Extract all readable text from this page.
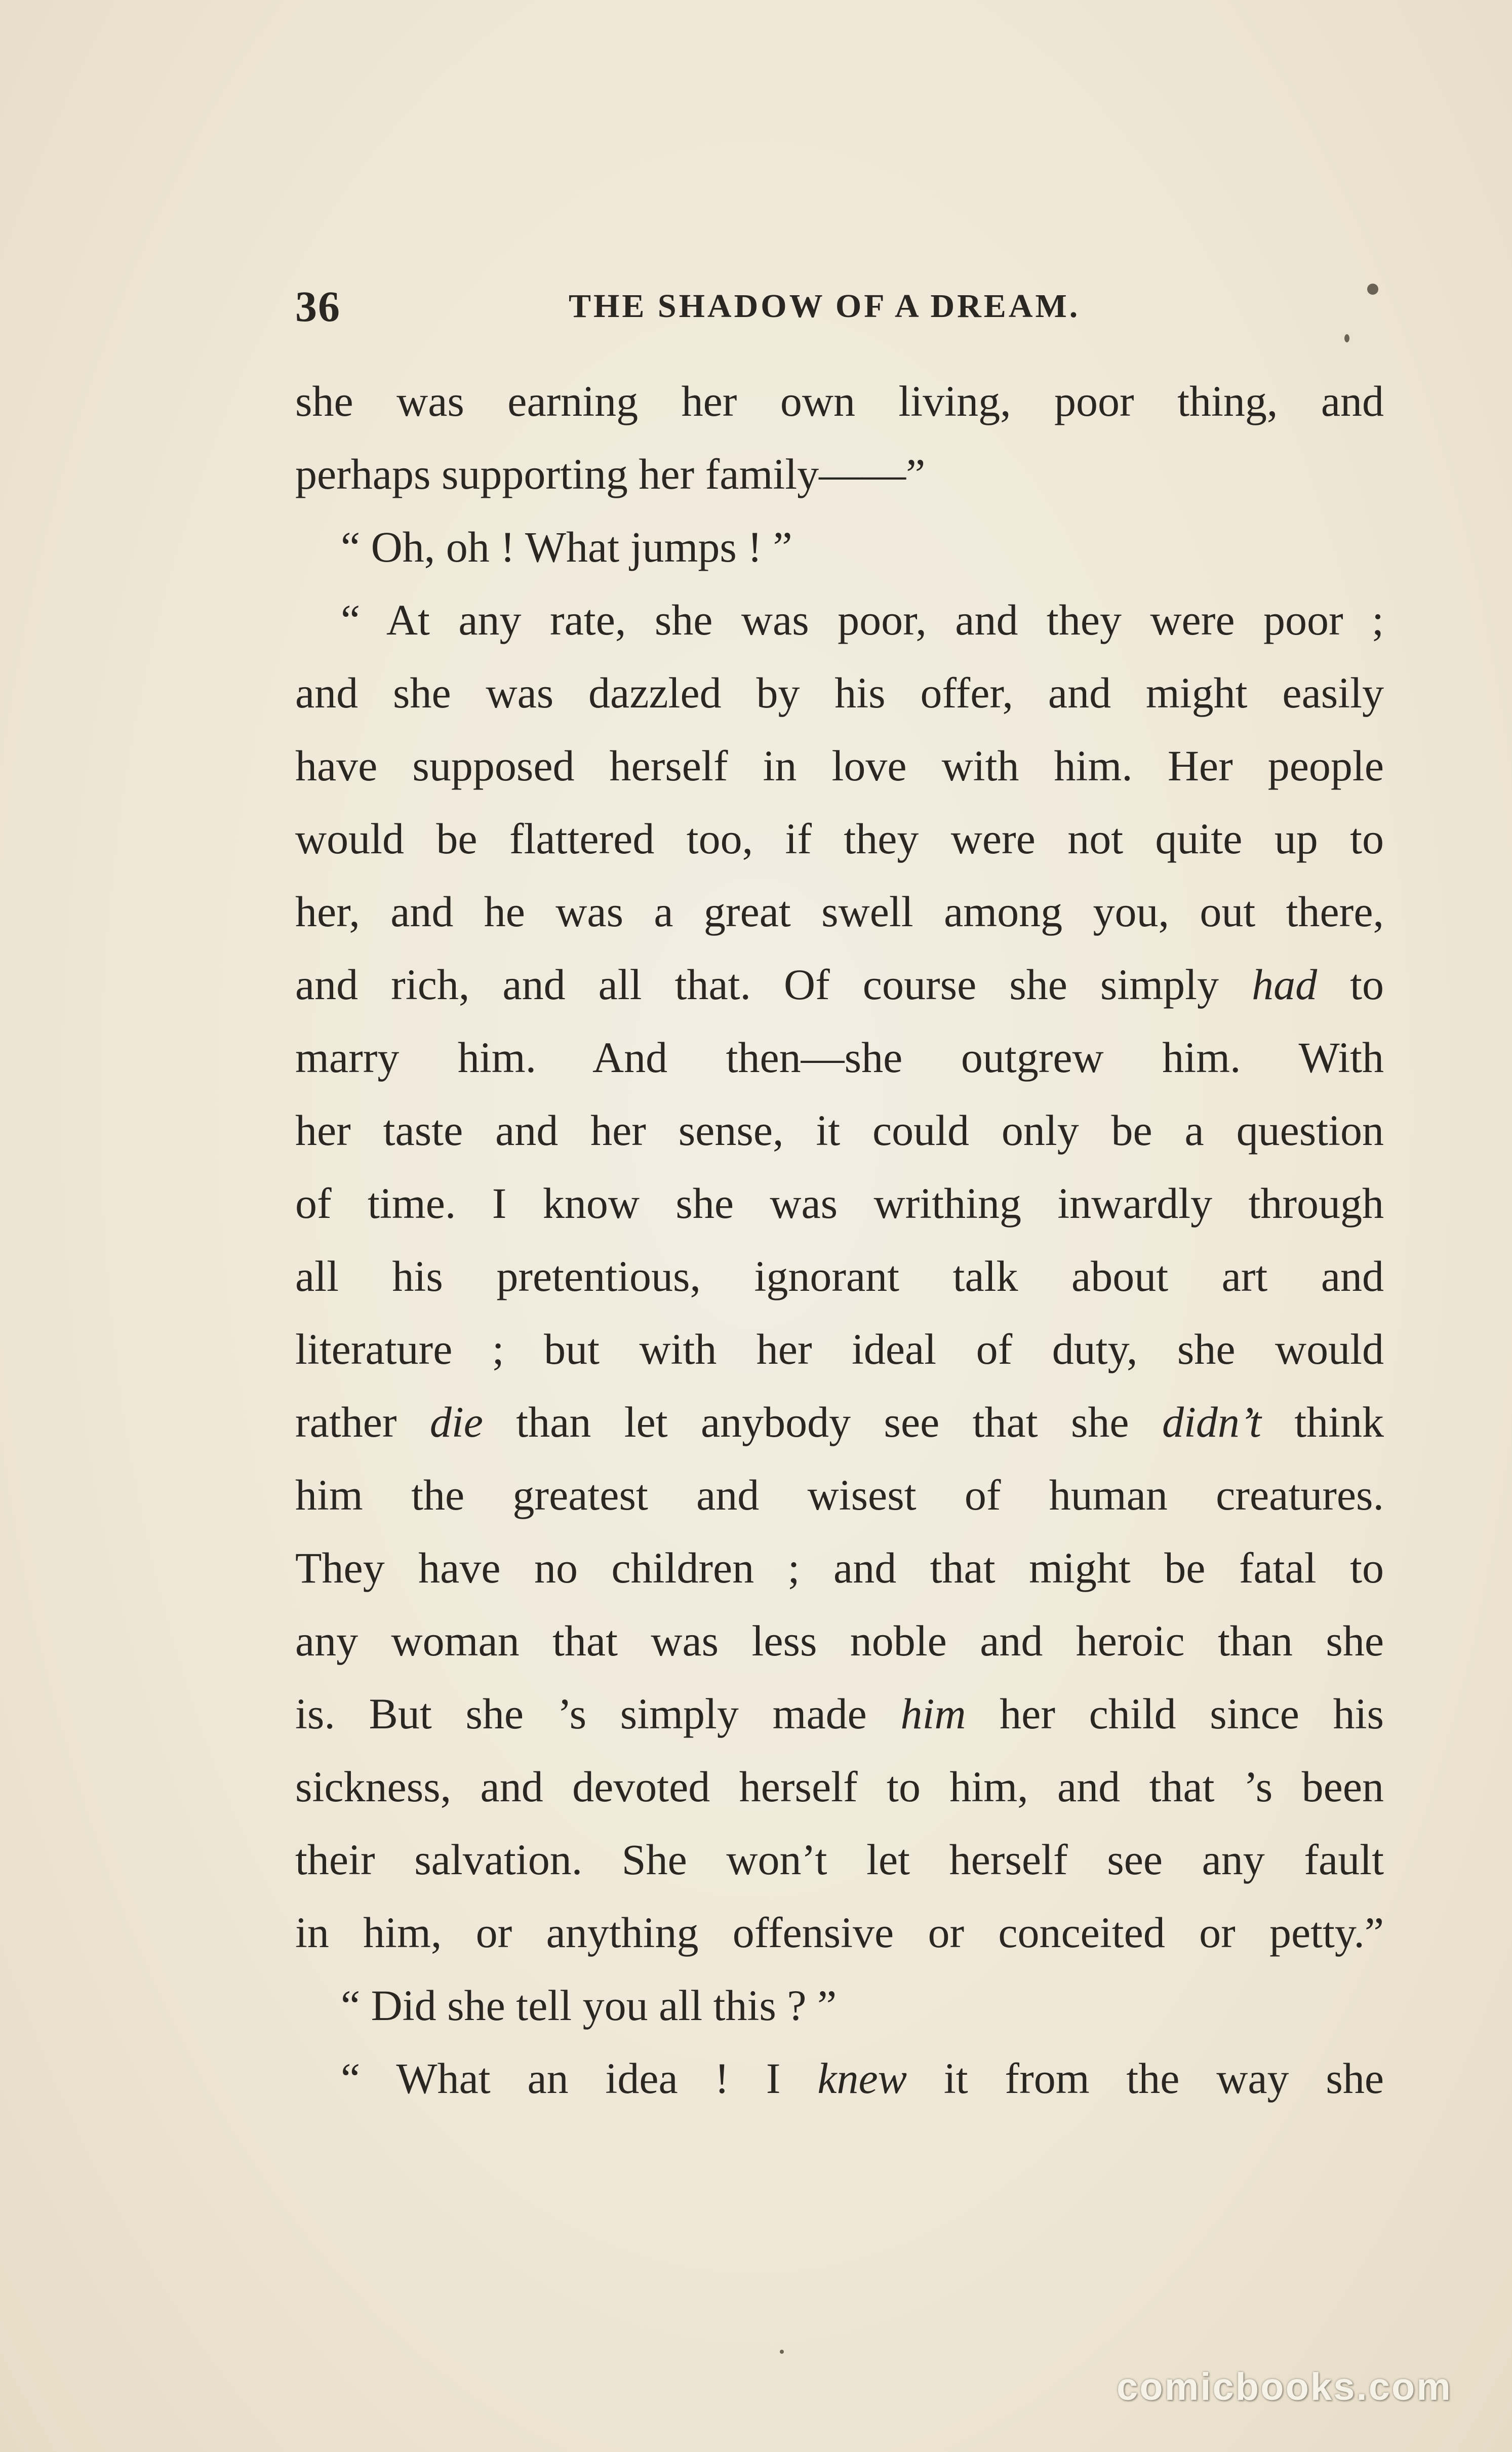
36	THE SHADOW OF A DREAM.
she was earning her own living, poor thing, and
perhaps supporting her family——”
“ Oh, oh ! What jumps ! ”
“ At any rate, she was poor, and they were poor ;
and she was dazzled by his offer, and might easily
have supposed herself in love with him. Her people
would be flattered too, if they were not quite up to
her, and he was a great swell among you, out there,
and rich, and all that. Of course she simply had to
marry him. And then—she outgrew him. With
her taste and her sense, it could only be a question
of time. I know she was writhing inwardly through
all his pretentious, ignorant talk about art and
literature ; but with her ideal of duty, she would
rather die than let anybody see that she didn’t think
him the greatest and wisest of human creatures.
They have no children ; and that might be fatal to
any woman that was less noble and heroic than she
is. But she ’s simply made him her child since his
sickness, and devoted herself to him, and that ’s been
their salvation. She won’t let herself see any fault
in him, or anything offensive or conceited or petty.”
“ Did she tell you all this ? ”
“ What an idea ! I knew it from the way she
comicbooks.com
